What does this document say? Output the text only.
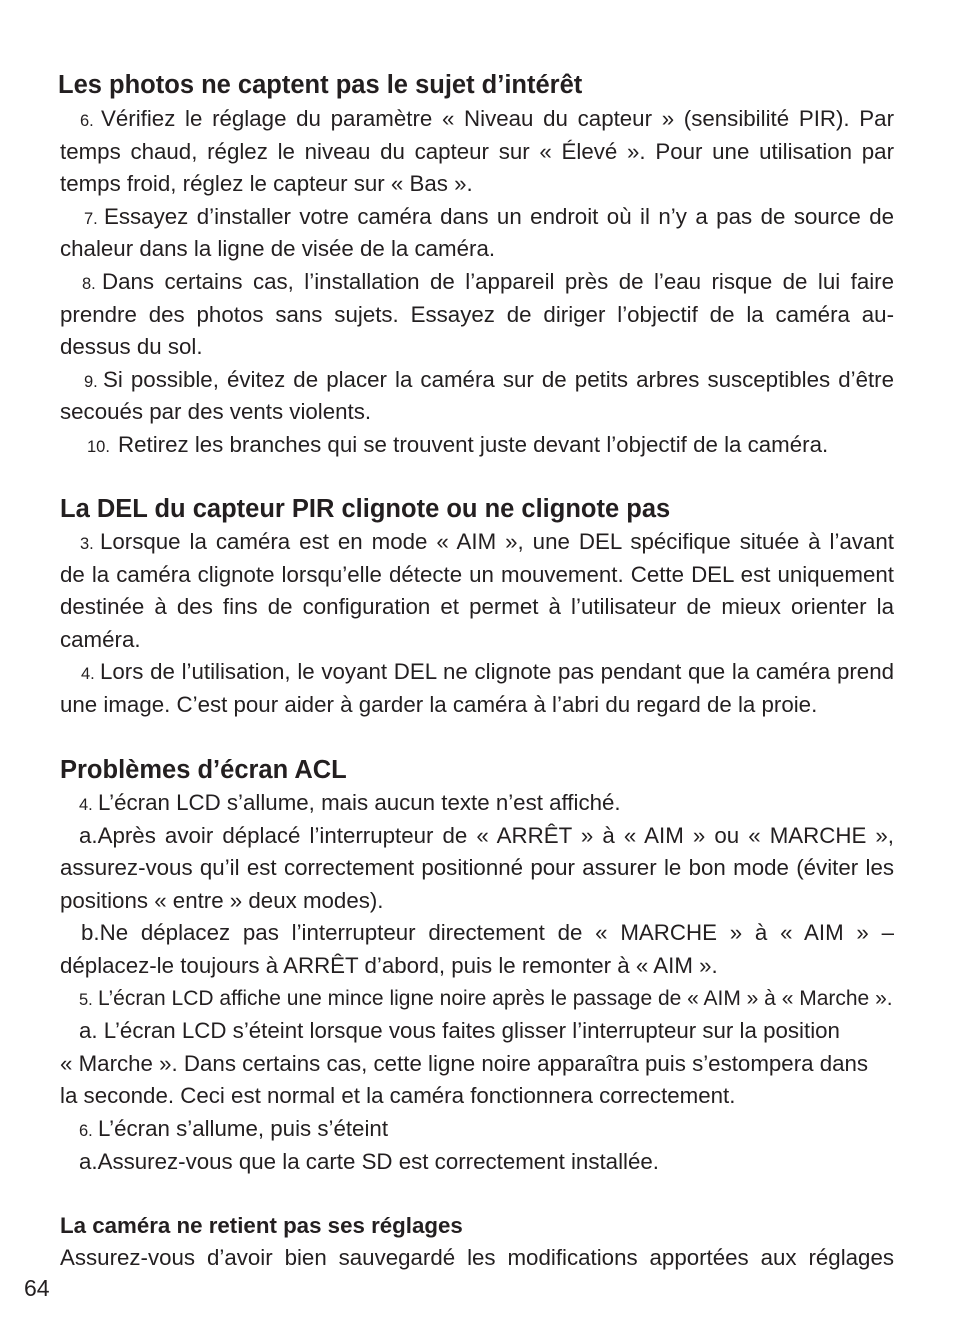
Les photos ne captent pas le sujet d’intérêt
6. Vérifiez le réglage du paramètre « Niveau du capteur » (sensibilité PIR). Par
temps chaud, réglez le niveau du capteur sur « Élevé ». Pour une utilisation par
temps froid, réglez le capteur sur « Bas ».
7. Essayez d’installer votre caméra dans un endroit où il n’y a pas de source de
chaleur dans la ligne de visée de la caméra.
8. Dans certains cas, l’installation de l’appareil près de l’eau risque de lui faire
prendre des photos sans sujets. Essayez de diriger l’objectif de la caméra au-
dessus du sol.
9. Si possible, évitez de placer la caméra sur de petits arbres susceptibles d’être
secoués par des vents violents.
10. Retirez les branches qui se trouvent juste devant l’objectif de la caméra.
La DEL du capteur PIR clignote ou ne clignote pas
3. Lorsque la caméra est en mode « AIM », une DEL spécifique située à l’avant
de la caméra clignote lorsqu’elle détecte un mouvement. Cette DEL est uniquement
destinée à des fins de configuration et permet à l’utilisateur de mieux orienter la
caméra.
4. Lors de l’utilisation, le voyant DEL ne clignote pas pendant que la caméra prend
une image. C’est pour aider à garder la caméra à l’abri du regard de la proie.
Problèmes d’écran ACL
4. L’écran LCD s’allume, mais aucun texte n’est affiché.
a.Après avoir déplacé l’interrupteur de « ARRÊT » à « AIM » ou « MARCHE »,
assurez-vous qu’il est correctement positionné pour assurer le bon mode (éviter les
positions « entre » deux modes).
b.Ne déplacez pas l’interrupteur directement de « MARCHE » à « AIM » –
déplacez-le toujours à ARRÊT d’abord, puis le remonter à « AIM ».
5. L’écran LCD affiche une mince ligne noire après le passage de « AIM » à « Marche ».
a. L’écran LCD s’éteint lorsque vous faites glisser l’interrupteur sur la position
« Marche ». Dans certains cas, cette ligne noire apparaîtra puis s’estompera dans
la seconde. Ceci est normal et la caméra fonctionnera correctement.
6. L’écran s’allume, puis s’éteint
a.Assurez-vous que la carte SD est correctement installée.
La caméra ne retient pas ses réglages
Assurez-vous d’avoir bien sauvegardé les modifications apportées aux réglages
64
